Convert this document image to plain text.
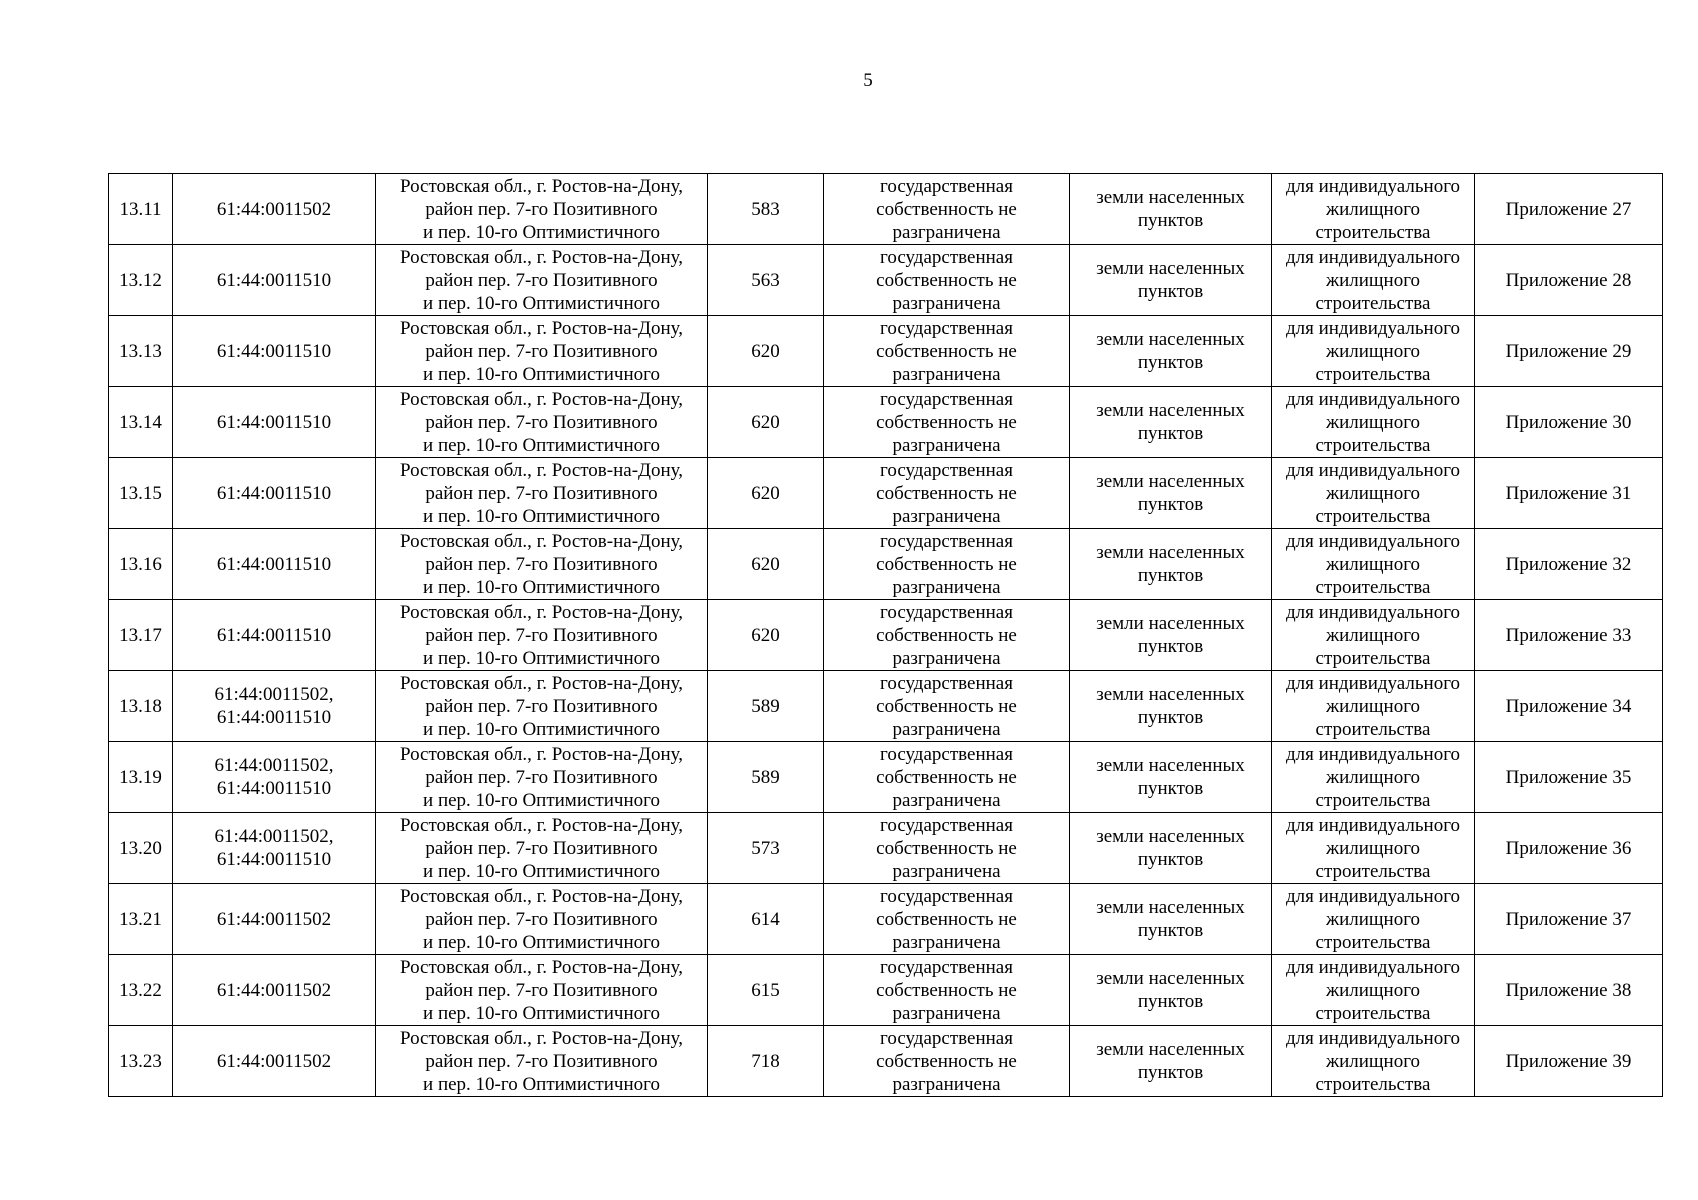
5
13.11	61:44:0011502	Ростовская обл., г. Ростов-на-Дону,
район пер. 7-го Позитивного
и пер. 10-го Оптимистичного	583	государственная
собственность не
разграничена	земли населенных
пунктов	для индивидуального
жилищного
строительства	Приложение 27
13.12	61:44:0011510	Ростовская обл., г. Ростов-на-Дону,
район пер. 7-го Позитивного
и пер. 10-го Оптимистичного	563	государственная
собственность не
разграничена	земли населенных
пунктов	для индивидуального
жилищного
строительства	Приложение 28
13.13	61:44:0011510	Ростовская обл., г. Ростов-на-Дону,
район пер. 7-го Позитивного
и пер. 10-го Оптимистичного	620	государственная
собственность не
разграничена	земли населенных
пунктов	для индивидуального
жилищного
строительства	Приложение 29
13.14	61:44:0011510	Ростовская обл., г. Ростов-на-Дону,
район пер. 7-го Позитивного
и пер. 10-го Оптимистичного	620	государственная
собственность не
разграничена	земли населенных
пунктов	для индивидуального
жилищного
строительства	Приложение 30
13.15	61:44:0011510	Ростовская обл., г. Ростов-на-Дону,
район пер. 7-го Позитивного
и пер. 10-го Оптимистичного	620	государственная
собственность не
разграничена	земли населенных
пунктов	для индивидуального
жилищного
строительства	Приложение 31
13.16	61:44:0011510	Ростовская обл., г. Ростов-на-Дону,
район пер. 7-го Позитивного
и пер. 10-го Оптимистичного	620	государственная
собственность не
разграничена	земли населенных
пунктов	для индивидуального
жилищного
строительства	Приложение 32
13.17	61:44:0011510	Ростовская обл., г. Ростов-на-Дону,
район пер. 7-го Позитивного
и пер. 10-го Оптимистичного	620	государственная
собственность не
разграничена	земли населенных
пунктов	для индивидуального
жилищного
строительства	Приложение 33
13.18	61:44:0011502,
61:44:0011510	Ростовская обл., г. Ростов-на-Дону,
район пер. 7-го Позитивного
и пер. 10-го Оптимистичного	589	государственная
собственность не
разграничена	земли населенных
пунктов	для индивидуального
жилищного
строительства	Приложение 34
13.19	61:44:0011502,
61:44:0011510	Ростовская обл., г. Ростов-на-Дону,
район пер. 7-го Позитивного
и пер. 10-го Оптимистичного	589	государственная
собственность не
разграничена	земли населенных
пунктов	для индивидуального
жилищного
строительства	Приложение 35
13.20	61:44:0011502,
61:44:0011510	Ростовская обл., г. Ростов-на-Дону,
район пер. 7-го Позитивного
и пер. 10-го Оптимистичного	573	государственная
собственность не
разграничена	земли населенных
пунктов	для индивидуального
жилищного
строительства	Приложение 36
13.21	61:44:0011502	Ростовская обл., г. Ростов-на-Дону,
район пер. 7-го Позитивного
и пер. 10-го Оптимистичного	614	государственная
собственность не
разграничена	земли населенных
пунктов	для индивидуального
жилищного
строительства	Приложение 37
13.22	61:44:0011502	Ростовская обл., г. Ростов-на-Дону,
район пер. 7-го Позитивного
и пер. 10-го Оптимистичного	615	государственная
собственность не
разграничена	земли населенных
пунктов	для индивидуального
жилищного
строительства	Приложение 38
13.23	61:44:0011502	Ростовская обл., г. Ростов-на-Дону,
район пер. 7-го Позитивного
и пер. 10-го Оптимистичного	718	государственная
собственность не
разграничена	земли населенных
пунктов	для индивидуального
жилищного
строительства	Приложение 39
